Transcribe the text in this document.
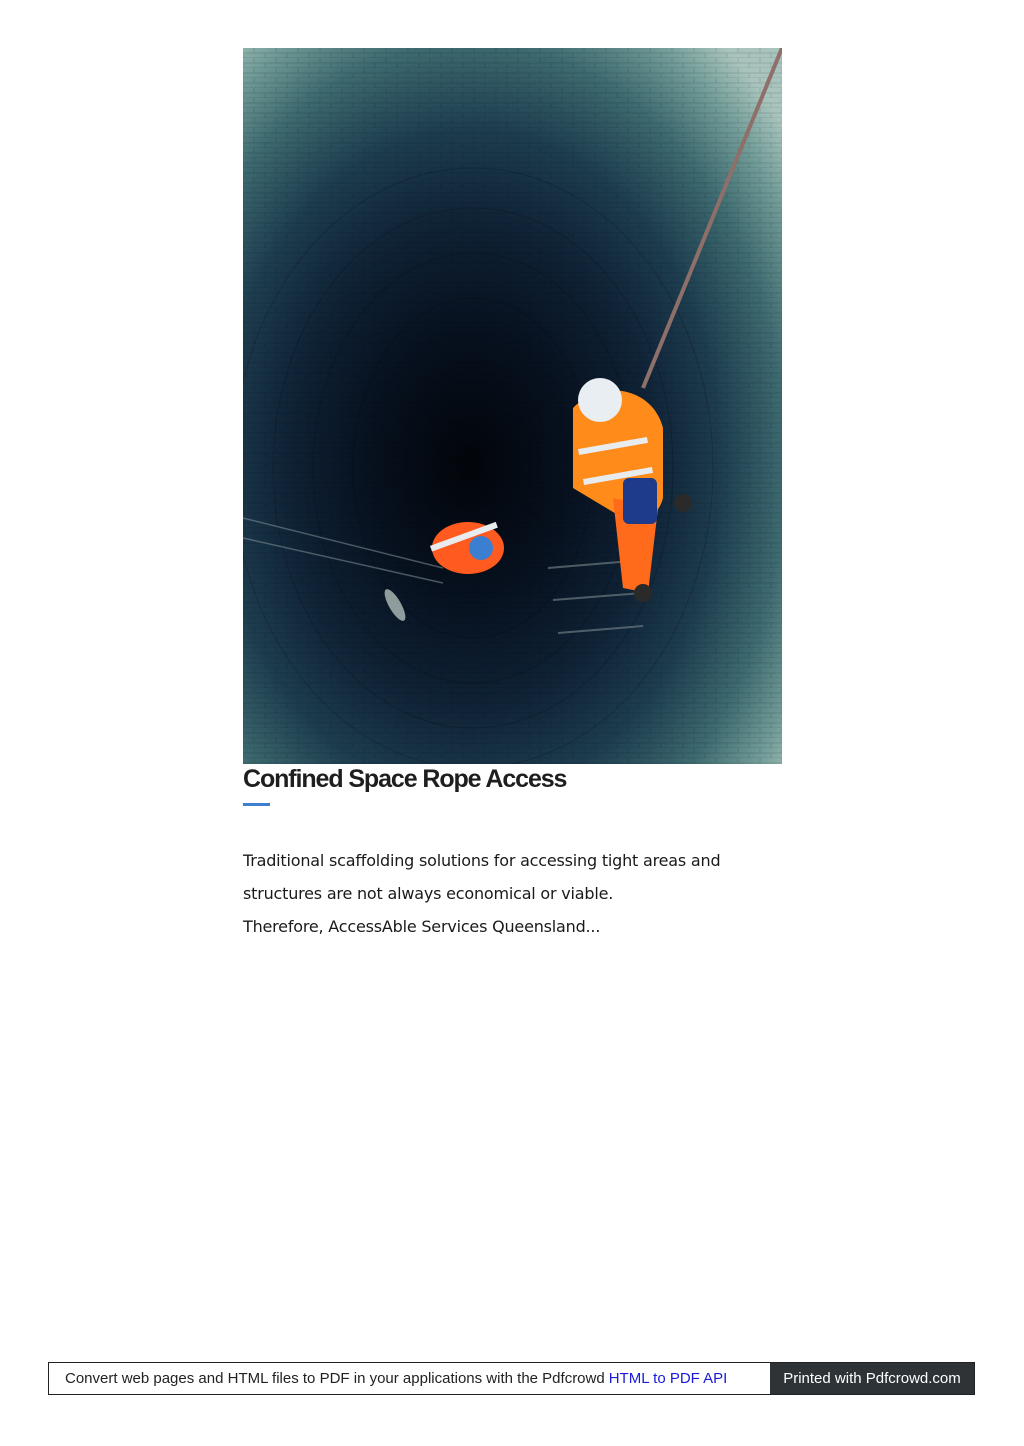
Confined Space Rope Access

Traditional scaffolding solutions for accessing tight areas and
structures are not always economical or viable.
Therefore, AccessAble Services Queensland...

Convert web pages and HTML files to PDF in your applications with the Pdfcrowd HTML to PDF API	Printed with Pdfcrowd.com
